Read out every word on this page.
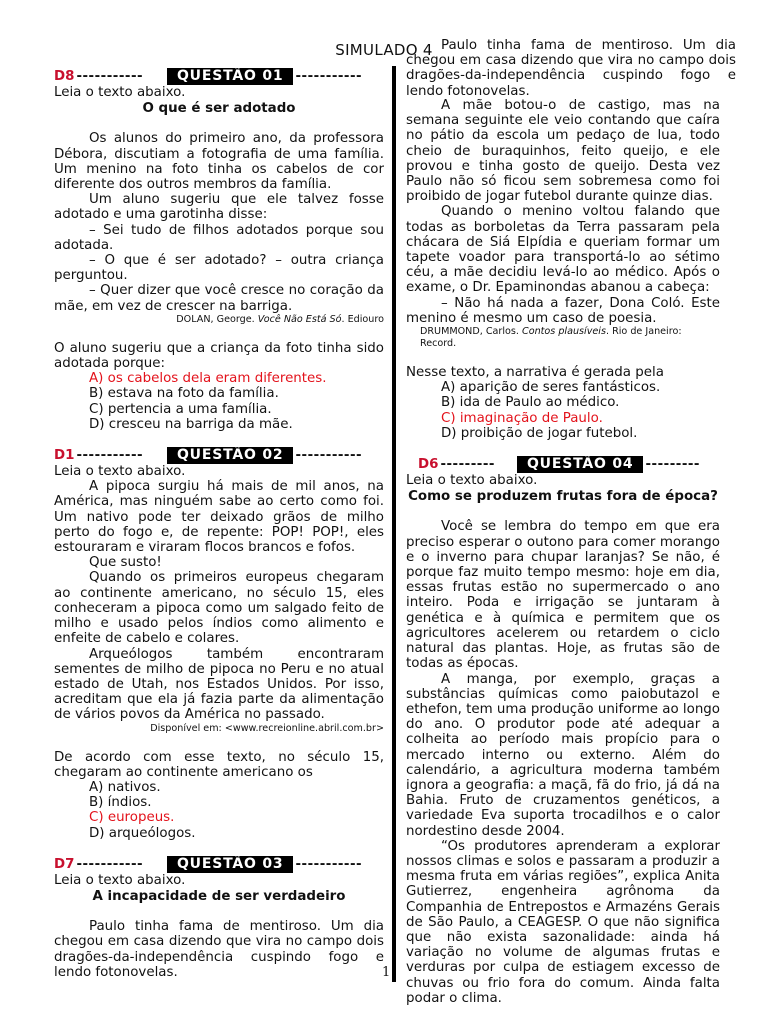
SIMULADO 4
D8 -----------	QUESTÃO 01 -----------

Leia o texto abaixo.

O que é ser adotado

Os alunos do primeiro ano, da professora Débora, discutiam a fotografia de uma família. Um menino na foto tinha os cabelos de cor diferente dos outros membros da família.

Um aluno sugeriu que ele talvez fosse adotado e uma garotinha disse:

– Sei tudo de filhos adotados porque sou adotada.

– O que é ser adotado? – outra criança perguntou.

– Quer dizer que você cresce no coração da mãe, em vez de crescer na barriga.

DOLAN, George. Você Não Está Só. Ediouro

O aluno sugeriu que a criança da foto tinha sido adotada porque:

A) os cabelos dela eram diferentes.
B) estava na foto da família.
C) pertencia a uma família.
D) cresceu na barriga da mãe.
D1 -----------	QUESTÃO 02 -----------

Leia o texto abaixo.

A pipoca surgiu há mais de mil anos, na América, mas ninguém sabe ao certo como foi. Um nativo pode ter deixado grãos de milho perto do fogo e, de repente: POP! POP!, eles estouraram e viraram flocos brancos e fofos.

Que susto!

Quando os primeiros europeus chegaram ao continente americano, no século 15, eles conheceram a pipoca como um salgado feito de milho e usado pelos índios como alimento e enfeite de cabelo e colares.

Arqueólogos também encontraram sementes de milho de pipoca no Peru e no atual estado de Utah, nos Estados Unidos. Por isso, acreditam que ela já fazia parte da alimentação de vários povos da América no passado.

Disponível em: <www.recreionline.abril.com.br>

De acordo com esse texto, no século 15, chegaram ao continente americano os

A) nativos.
B) índios.
C) europeus.
D) arqueólogos.
D7 -----------	QUESTÃO 03 -----------

Leia o texto abaixo.

A incapacidade de ser verdadeiro

Paulo tinha fama de mentiroso. Um dia chegou em casa dizendo que vira no campo dois dragões-da-independência cuspindo fogo e lendo fotonovelas.

Paulo tinha fama de mentiroso. Um dia chegou em casa dizendo que vira no campo dois dragões-da-independência cuspindo fogo e lendo fotonovelas.

A mãe botou-o de castigo, mas na semana seguinte ele veio contando que caíra no pátio da escola um pedaço de lua, todo cheio de buraquinhos, feito queijo, e ele provou e tinha gosto de queijo. Desta vez Paulo não só ficou sem sobremesa como foi proibido de jogar futebol durante quinze dias.

Quando o menino voltou falando que todas as borboletas da Terra passaram pela chácara de Siá Elpídia e queriam formar um tapete voador para transportá-lo ao sétimo céu, a mãe decidiu levá-lo ao médico. Após o exame, o Dr. Epaminondas abanou a cabeça:

– Não há nada a fazer, Dona Coló. Este menino é mesmo um caso de poesia.

DRUMMOND, Carlos. Contos plausíveis. Rio de Janeiro: Record.

Nesse texto, a narrativa é gerada pela

A) aparição de seres fantásticos.
B) ida de Paulo ao médico.
C) imaginação de Paulo.
D) proibição de jogar futebol.
D6 ---------	QUESTÃO 04 ---------

Leia o texto abaixo.

Como se produzem frutas fora de época?

Você se lembra do tempo em que era preciso esperar o outono para comer morango e o inverno para chupar laranjas? Se não, é porque faz muito tempo mesmo: hoje em dia, essas frutas estão no supermercado o ano inteiro. Poda e irrigação se juntaram à genética e à química e permitem que os agricultores acelerem ou retardem o ciclo natural das plantas. Hoje, as frutas são de todas as épocas.

A manga, por exemplo, graças a substâncias químicas como paiobutazol e ethefon, tem uma produção uniforme ao longo do ano. O produtor pode até adequar a colheita ao período mais propício para o mercado interno ou externo. Além do calendário, a agricultura moderna também ignora a geografia: a maçã, fã do frio, já dá na Bahia. Fruto de cruzamentos genéticos, a variedade Eva suporta trocadilhos e o calor nordestino desde 2004.

“Os produtores aprenderam a explorar nossos climas e solos e passaram a produzir a mesma fruta em várias regiões”, explica Anita Gutierrez, engenheira agrônoma da Companhia de Entrepostos e Armazéns Gerais de São Paulo, a CEAGESP. O que não significa que não exista sazonalidade: ainda há variação no volume de algumas frutas e verduras por culpa de estiagem excesso de chuvas ou frio fora do comum. Ainda falta podar o clima.

1
